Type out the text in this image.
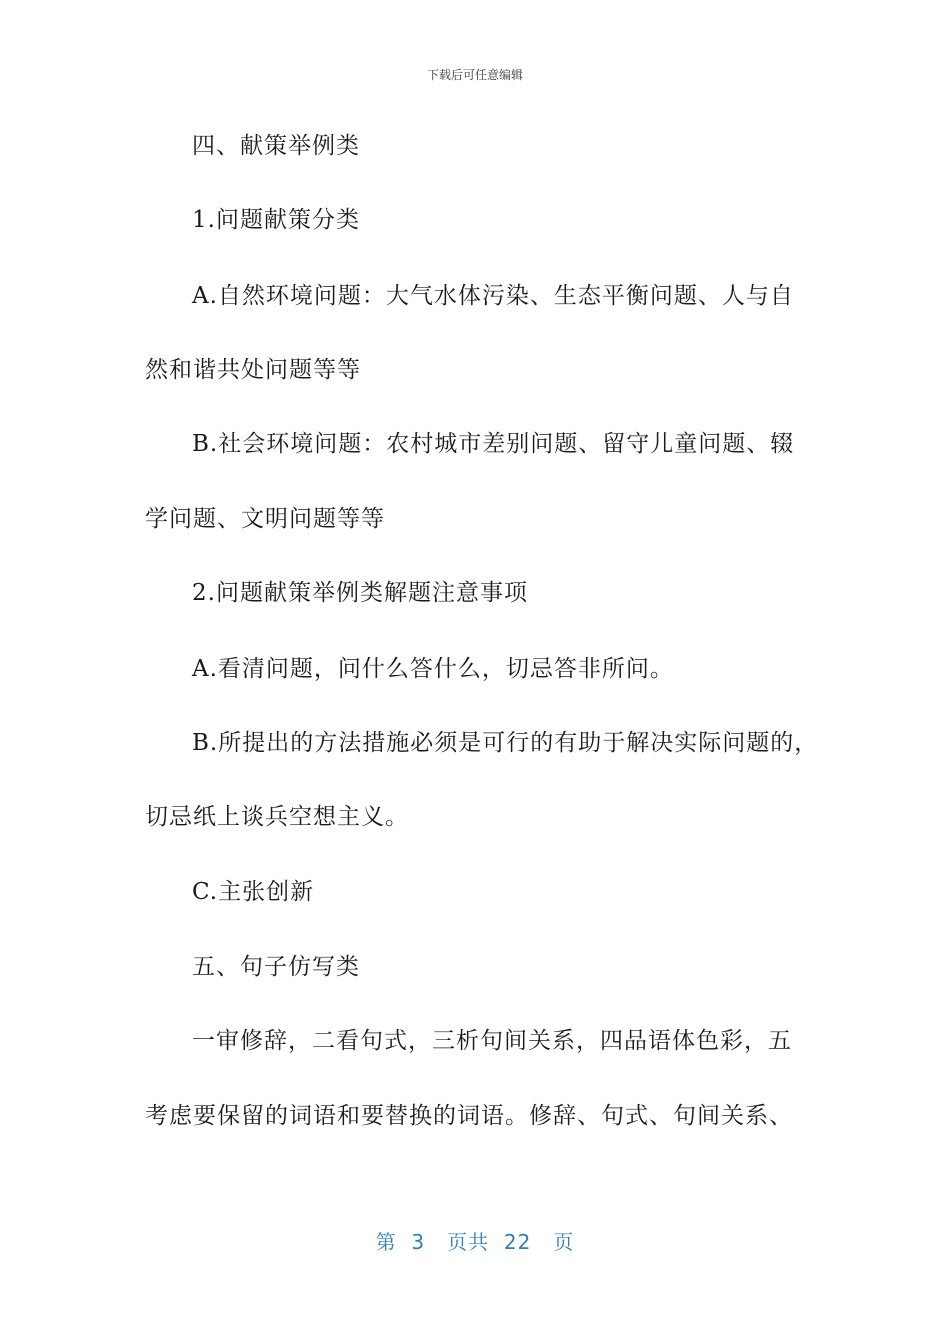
下载后可任意编辑
四、献策举例类
1.问题献策分类
A.自然环境问题：大气水体污染、生态平衡问题、人与自
然和谐共处问题等等
B.社会环境问题：农村城市差别问题、留守儿童问题、辍
学问题、文明问题等等
2.问题献策举例类解题注意事项
A.看清问题，问什么答什么，切忌答非所问。
B.所提出的方法措施必须是可行的有助于解决实际问题的，
切忌纸上谈兵空想主义。
C.主张创新
五、句子仿写类
一审修辞，二看句式，三析句间关系，四品语体色彩，五
考虑要保留的词语和要替换的词语。修辞、句式、句间关系、
第 3 页共 22 页
